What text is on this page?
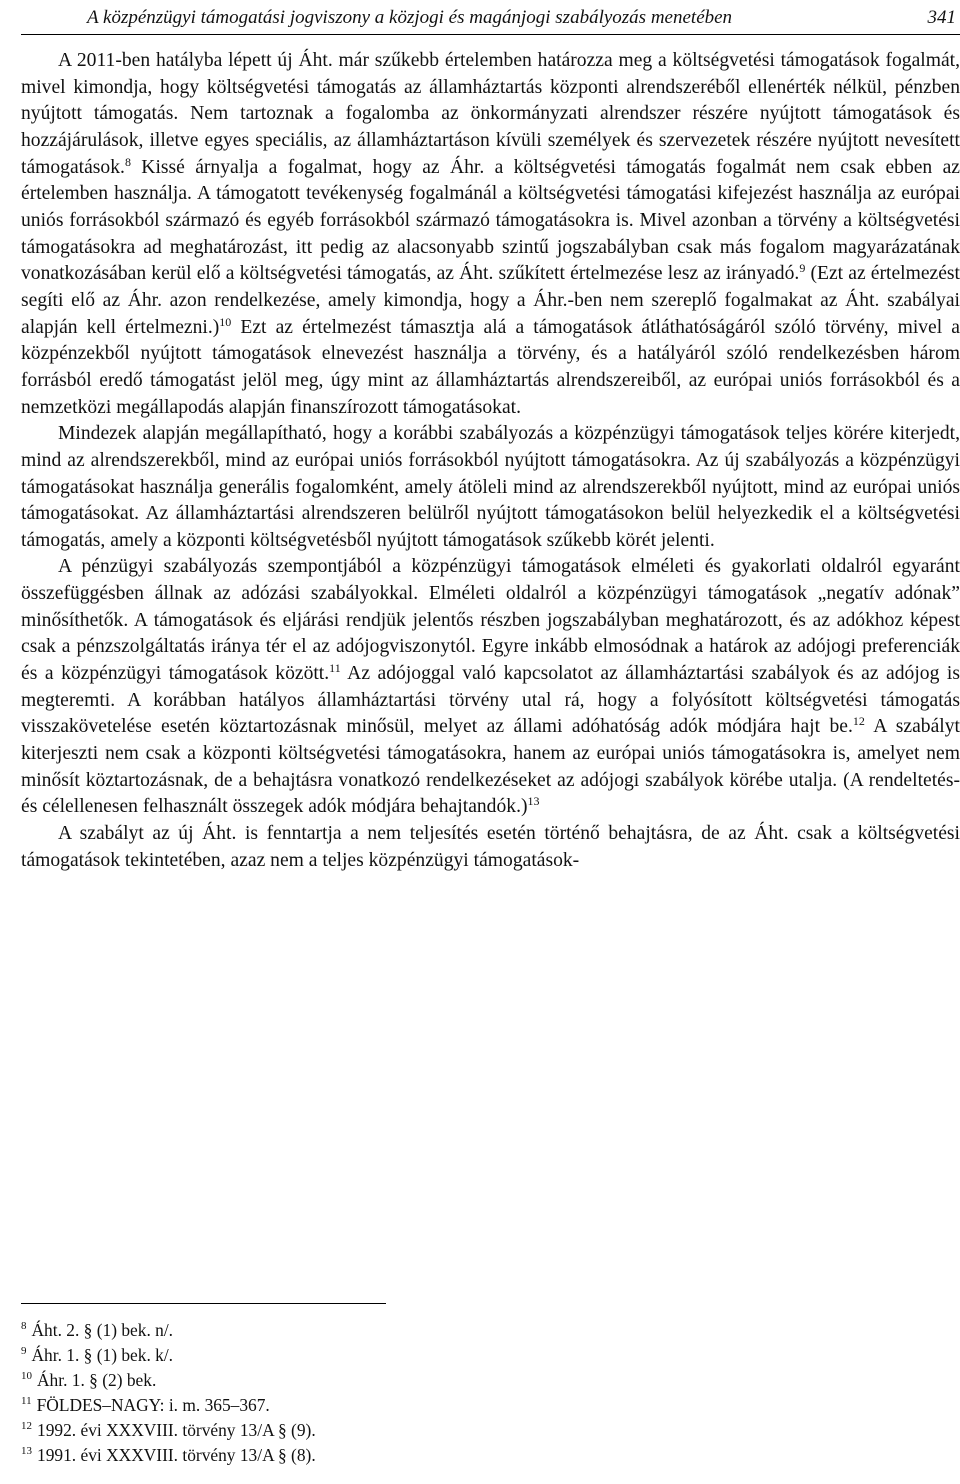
A közpénzügyi támogatási jogviszony a közjogi és magánjogi szabályozás menetében	341

A 2011-ben hatályba lépett új Áht. már szűkebb értelemben határozza meg a költségvetési támogatások fogalmát, mivel kimondja, hogy költségvetési támogatás az államháztartás központi alrendszeréből ellenérték nélkül, pénzben nyújtott támogatás. Nem tartoznak a fogalomba az önkormányzati alrendszer részére nyújtott támogatások és hozzájárulások, illetve egyes speciális, az államháztartáson kívüli személyek és szervezetek részére nyújtott nevesített támogatások.$^8$ Kissé árnyalja a fogalmat, hogy az Áhr. a költségvetési támogatás fogalmát nem csak ebben az értelemben használja. A támogatott tevékenység fogalmánál a költségvetési támogatási kifejezést használja az európai uniós forrásokból származó és egyéb forrásokból származó támogatásokra is. Mivel azonban a törvény a költségvetési támogatásokra ad meghatározást, itt pedig az alacsonyabb szintű jogszabályban csak más fogalom magyarázatának vonatkozásában kerül elő a költségvetési támogatás, az Áht. szűkített értelmezése lesz az irányadó.$^9$ (Ezt az értelmezést segíti elő az Áhr. azon rendelkezése, amely kimondja, hogy a Áhr.-ben nem szereplő fogalmakat az Áht. szabályai alapján kell értelmezni.)$^{10}$ Ezt az értelmezést támasztja alá a támogatások átláthatóságáról szóló törvény, mivel a közpénzekből nyújtott támogatások elnevezést használja a törvény, és a hatályáról szóló rendelkezésben három forrásból eredő támogatást jelöl meg, úgy mint az államháztartás alrendszereiből, az európai uniós forrásokból és a nemzetközi megállapodás alapján finanszírozott támogatásokat.

Mindezek alapján megállapítható, hogy a korábbi szabályozás a közpénzügyi támogatások teljes körére kiterjedt, mind az alrendszerekből, mind az európai uniós forrásokból nyújtott támogatásokra. Az új szabályozás a közpénzügyi támogatásokat használja generális fogalomként, amely átöleli mind az alrendszerekből nyújtott, mind az európai uniós támogatásokat. Az államháztartási alrendszeren belülről nyújtott támogatásokon belül helyezkedik el a költségvetési támogatás, amely a központi költségvetésből nyújtott támogatások szűkebb körét jelenti.

A pénzügyi szabályozás szempontjából a közpénzügyi támogatások elméleti és gyakorlati oldalról egyaránt összefüggésben állnak az adózási szabályokkal. Elméleti oldalról a közpénzügyi támogatások „negatív adónak” minősíthetők. A támogatások és eljárási rendjük jelentős részben jogszabályban meghatározott, és az adókhoz képest csak a pénzszolgáltatás iránya tér el az adójogviszonytól. Egyre inkább elmosódnak a határok az adójogi preferenciák és a közpénzügyi támogatások között.$^{11}$ Az adójoggal való kapcsolatot az államháztartási szabályok és az adójog is megteremti. A korábban hatályos államháztartási törvény utal rá, hogy a folyósított költségvetési támogatás visszakövetelése esetén köztartozásnak minősül, melyet az állami adóhatóság adók módjára hajt be.$^{12}$ A szabályt kiterjeszti nem csak a központi költségvetési támogatásokra, hanem az európai uniós támogatásokra is, amelyet nem minősít köztartozásnak, de a behajtásra vonatkozó rendelkezéseket az adójogi szabályok körébe utalja. (A rendeltetés- és célellenesen felhasznált összegek adók módjára behajtandók.)$^{13}$

A szabályt az új Áht. is fenntartja a nem teljesítés esetén történő behajtásra, de az Áht. csak a költségvetési támogatások tekintetében, azaz nem a teljes közpénzügyi támogatások-

$^8$ Áht. 2. § (1) bek. n/.
$^9$ Áhr. 1. § (1) bek. k/.
$^{10}$ Áhr. 1. § (2) bek.
$^{11}$ FÖLDES–NAGY: i. m. 365–367.
$^{12}$ 1992. évi XXXVIII. törvény 13/A § (9).
$^{13}$ 1991. évi XXXVIII. törvény 13/A § (8).
